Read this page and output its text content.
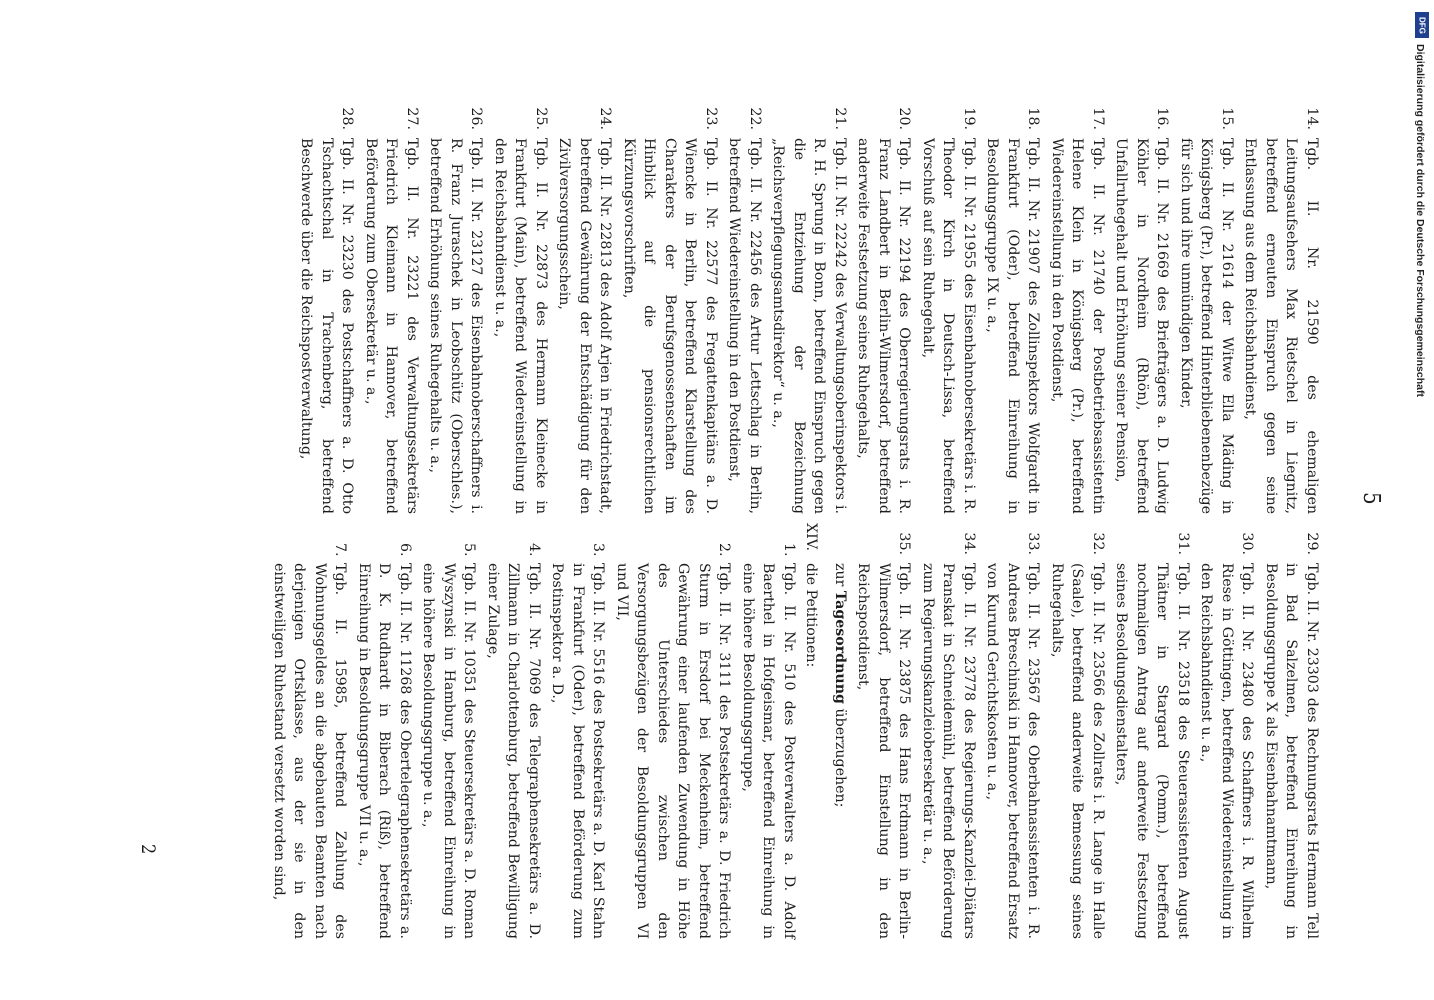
5
14.
Tgb. II. Nr. 21590 des ehemaligen Leitungsaufsehers Max Rietschel in Liegnitz, betreffend erneuten Einspruch gegen seine Entlassung aus dem Reichsbahndienst,
15.
Tgb. II. Nr. 21614 der Witwe Ella Mäding in Königsberg (Pr.), betreffend Hinterbliebenenbezüge für sich und ihre unmündigen Kinder,
16.
Tgb. II. Nr. 21669 des Briefträgers a. D. Ludwig Köhler in Nordheim (Rhön), betreffend Unfallruhegehalt und Erhöhung seiner Pension,
17.
Tgb. II. Nr. 21740 der Postbetriebsassistentin Helene Klein in Königsberg (Pr.), betreffend Wiedereinstellung in den Postdienst,
18.
Tgb. II. Nr. 21907 des Zollinspektors Wolfgardt in Frankfurt (Oder), betreffend Einreihung in Besoldungsgruppe IX u. a.,
19.
Tgb. II. Nr. 21955 des Eisenbahnobersekretärs i. R. Theodor Kirch in Deutsch-Lissa, betreffend Vorschuß auf sein Ruhegehalt,
20.
Tgb. II. Nr. 22194 des Oberregierungsrats i. R. Franz Landbert in Berlin-Wilmersdorf, betreffend anderweite Festsetzung seines Ruhegehalts,
21.
Tgb. II. Nr. 22242 des Verwaltungsoberinspektors i. R. H. Sprung in Bonn, betreffend Einspruch gegen die Entziehung der Bezeichnung „Reichsverpflegungsamtsdirektor“ u. a.,
22.
Tgb. II. Nr. 22456 des Artur Lettschlag in Berlin, betreffend Wiedereinstellung in den Postdienst,
23.
Tgb. II. Nr. 22577 des Fregattenkapitäns a. D. Wiencke in Berlin, betreffend Klarstellung des Charakters der Berufsgenossenschaften im Hinblick auf die pensionsrechtlichen Kürzungsvorschriften,
24.
Tgb. II. Nr. 22813 des Adolf Arjen in Friedrichstadt, betreffend Gewährung der Entschädigung für den Zivilversorgungsschein,
25.
Tgb. II. Nr. 22873 des Hermann Kleinecke in Frankfurt (Main), betreffend Wiedereinstellung in den Reichsbahndienst u. a.,
26.
Tgb. II. Nr. 23127 des Eisenbahnoberschaffners i. R. Franz Juraschek in Leobschütz (Oberschles.), betreffend Erhöhung seines Ruhegehalts u. a.,
27.
Tgb. II. Nr. 23221 des Verwaltungssekretärs Friedrich Kleimann in Hannover, betreffend Beförderung zum Obersekretär u. a.,
28.
Tgb. II. Nr. 23230 des Postschaffners a. D. Otto Tschachtschal in Trachenberg, betreffend Beschwerde über die Reichspostverwaltung,
29.
Tgb. II. Nr. 23303 des Rechnungsrats Hermann Tell in Bad Salzelmen, betreffend Einreihung in Besoldungsgruppe X als Eisenbahnamtmann,
30.
Tgb. II. Nr. 23480 des Schaffners i. R. Wilhelm Riese in Göttingen, betreffend Wiedereinstellung in den Reichsbahndienst u. a.,
31.
Tgb. II. Nr. 23518 des Steuerassistenten August Thätner in Stargard (Pomm.), betreffend nochmaligen Antrag auf anderweite Festsetzung seines Besoldungsdienstalters,
32.
Tgb. II. Nr. 23566 des Zollrats i. R. Lange in Halle (Saale), betreffend anderweite Bemessung seines Ruhegehalts,
33.
Tgb. II. Nr. 23567 des Oberbahnassistenten i. R. Andreas Breschinski in Hannover, betreffend Ersatz von Kurund Gerichtskosten u. a.,
34.
Tgb. II. Nr. 23778 des Regierungs-Kanzlei-Diätars Pranskat in Schneidemühl, betreffend Beförderung zum Regierungskanzleiobersekretär u. a.,
35.
Tgb. II. Nr. 23875 des Hans Erdmann in Berlin-Wilmersdorf, betreffend Einstellung in den Reichspostdienst,
zur Tagesordnung überzugehen;
XIV.
die Petitionen:
1.
Tgb. II. Nr. 510 des Postverwalters a. D. Adolf Baerthel in Hofgeismar, betreffend Einreihung in eine höhere Besoldungsgruppe,
2.
Tgb. II. Nr. 3111 des Postsekretärs a. D. Friedrich Sturm in Ersdorf bei Meckenheim, betreffend Gewährung einer laufenden Zuwendung in Höhe des Unterschiedes zwischen den Versorgungsbezügen der Besoldungsgruppen VI und VII,
3.
Tgb. II. Nr. 5516 des Postsekretärs a. D. Karl Stahn in Frankfurt (Oder), betreffend Beförderung zum Postinspektor a. D.,
4.
Tgb. II. Nr. 7069 des Telegraphensekretärs a. D. Zillmann in Charlottenburg, betreffend Bewilligung einer Zulage,
5.
Tgb. II. Nr. 10351 des Steuersekretärs a. D. Roman Wyszynski in Hamburg, betreffend Einreihung in eine höhere Besoldungsgruppe u. a.,
6.
Tgb. II. Nr. 11268 des Obertelegraphensekretärs a. D. K. Rudhardt in Biberach (Riß), betreffend Einreihung in Besoldungsgruppe VII u. a.,
7.
Tgb. II. 15985, betreffend Zahlung des Wohnungsgeldes an die abgebauten Beamten nach derjenigen Ortsklasse, aus der sie in den einstweiligen Ruhestand versetzt worden sind,
2
DFG
Digitalisierung gefördert durch die Deutsche Forschungsgemeinschaft
